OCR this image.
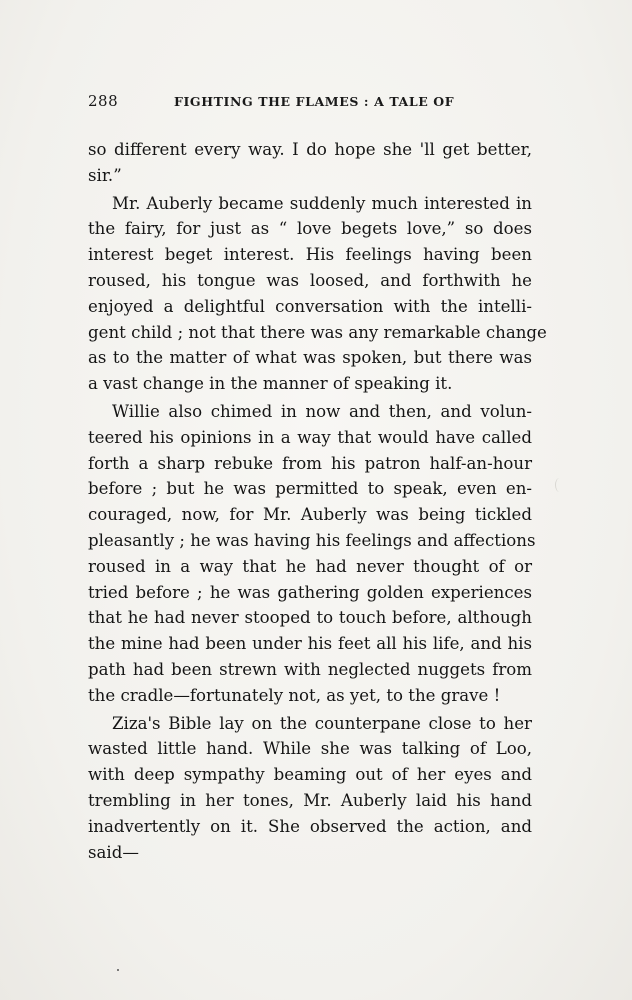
288	FIGHTING THE FLAMES : A TALE OF
so different every way. I do hope she 'll get better,
sir.”
Mr. Auberly became suddenly much interested in
the fairy, for just as “ love begets love,” so does
interest beget interest. His feelings having been
roused, his tongue was loosed, and forthwith he
enjoyed a delightful conversation with the intelli-
gent child ; not that there was any remarkable change
as to the matter of what was spoken, but there was
a vast change in the manner of speaking it.
Willie also chimed in now and then, and volun-
teered his opinions in a way that would have called
forth a sharp rebuke from his patron half-an-hour
before ; but he was permitted to speak, even en-
couraged, now, for Mr. Auberly was being tickled
pleasantly ; he was having his feelings and affections
roused in a way that he had never thought of or
tried before ; he was gathering golden experiences
that he had never stooped to touch before, although
the mine had been under his feet all his life, and his
path had been strewn with neglected nuggets from
the cradle—fortunately not, as yet, to the grave !
Ziza's Bible lay on the counterpane close to her
wasted little hand. While she was talking of Loo,
with deep sympathy beaming out of her eyes and
trembling in her tones, Mr. Auberly laid his hand
inadvertently on it. She observed the action, and
said—
